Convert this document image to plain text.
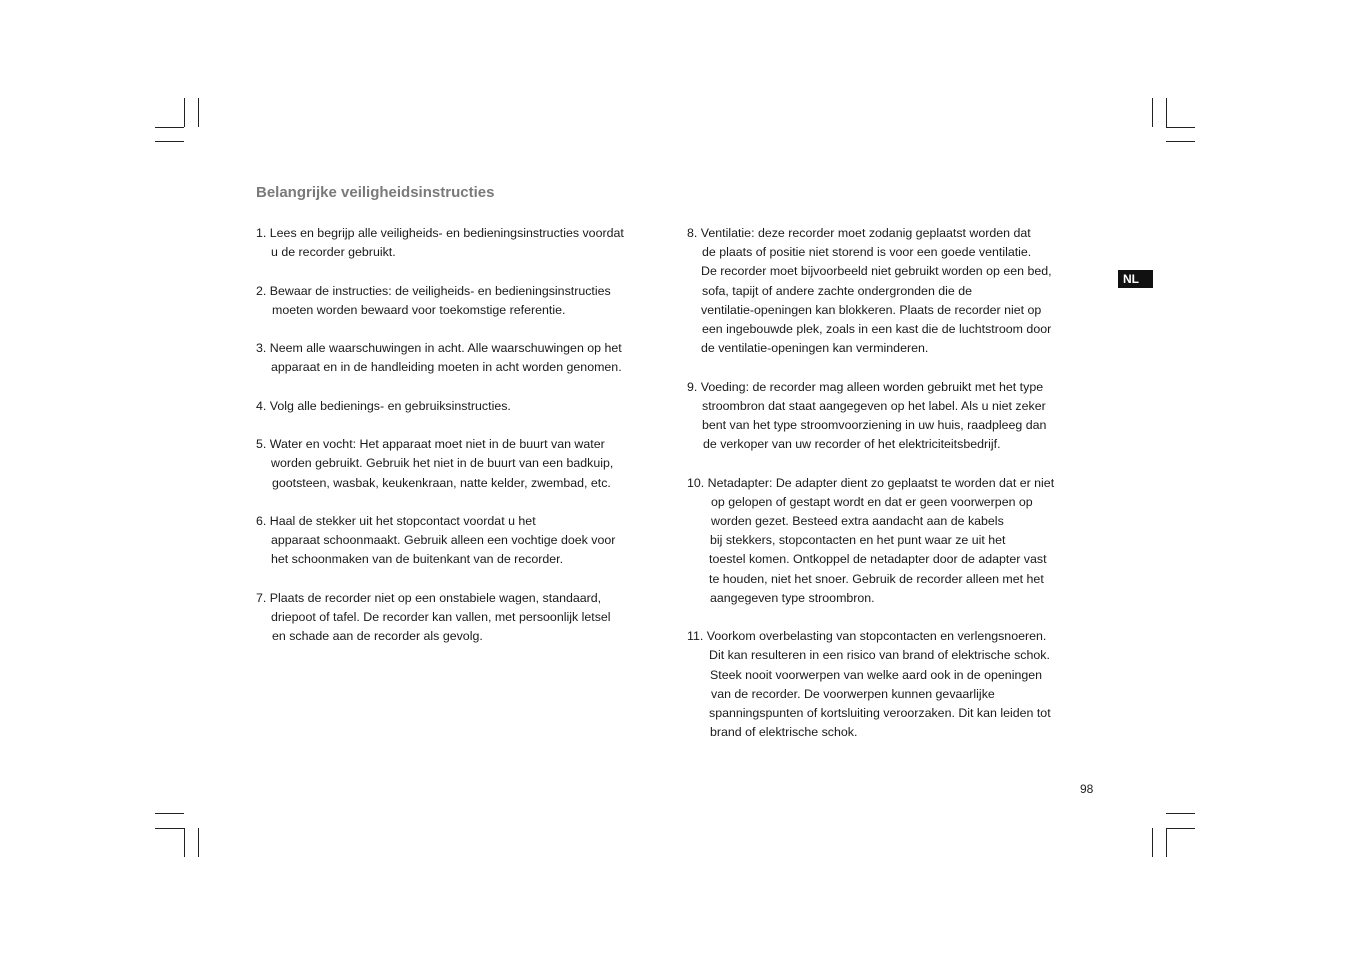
Belangrijke veiligheidsinstructies
1. Lees en begrijp alle veiligheids- en bedieningsinstructies voordat
u de recorder gebruikt.
2. Bewaar de instructies: de veiligheids- en bedieningsinstructies
moeten worden bewaard voor toekomstige referentie.
3. Neem alle waarschuwingen in acht. Alle waarschuwingen op het
apparaat en in de handleiding moeten in acht worden genomen.
4. Volg alle bedienings- en gebruiksinstructies.
5. Water en vocht: Het apparaat moet niet in de buurt van water
worden gebruikt. Gebruik het niet in de buurt van een badkuip,
gootsteen, wasbak, keukenkraan, natte kelder, zwembad, etc.
6. Haal de stekker uit het stopcontact voordat u het
apparaat schoonmaakt. Gebruik alleen een vochtige doek voor
het schoonmaken van de buitenkant van de recorder.
7. Plaats de recorder niet op een onstabiele wagen, standaard,
driepoot of tafel. De recorder kan vallen, met persoonlijk letsel
en schade aan de recorder als gevolg.
8. Ventilatie: deze recorder moet zodanig geplaatst worden dat
de plaats of positie niet storend is voor een goede ventilatie.
De recorder moet bijvoorbeeld niet gebruikt worden op een bed,
sofa, tapijt of andere zachte ondergronden die de
ventilatie-openingen kan blokkeren. Plaats de recorder niet op
een ingebouwde plek, zoals in een kast die de luchtstroom door
de ventilatie-openingen kan verminderen.
9. Voeding: de recorder mag alleen worden gebruikt met het type
stroombron dat staat aangegeven op het label. Als u niet zeker
bent van het type stroomvoorziening in uw huis, raadpleeg dan
de verkoper van uw recorder of het elektriciteitsbedrijf.
10. Netadapter: De adapter dient zo geplaatst te worden dat er niet
op gelopen of gestapt wordt en dat er geen voorwerpen op
worden gezet. Besteed extra aandacht aan de kabels
bij stekkers, stopcontacten en het punt waar ze uit het
toestel komen. Ontkoppel de netadapter door de adapter vast
te houden, niet het snoer. Gebruik de recorder alleen met het
aangegeven type stroombron.
11. Voorkom overbelasting van stopcontacten en verlengsnoeren.
Dit kan resulteren in een risico van brand of elektrische schok.
Steek nooit voorwerpen van welke aard ook in de openingen
van de recorder. De voorwerpen kunnen gevaarlijke
spanningspunten of kortsluiting veroorzaken. Dit kan leiden tot
brand of elektrische schok.
NL
98
